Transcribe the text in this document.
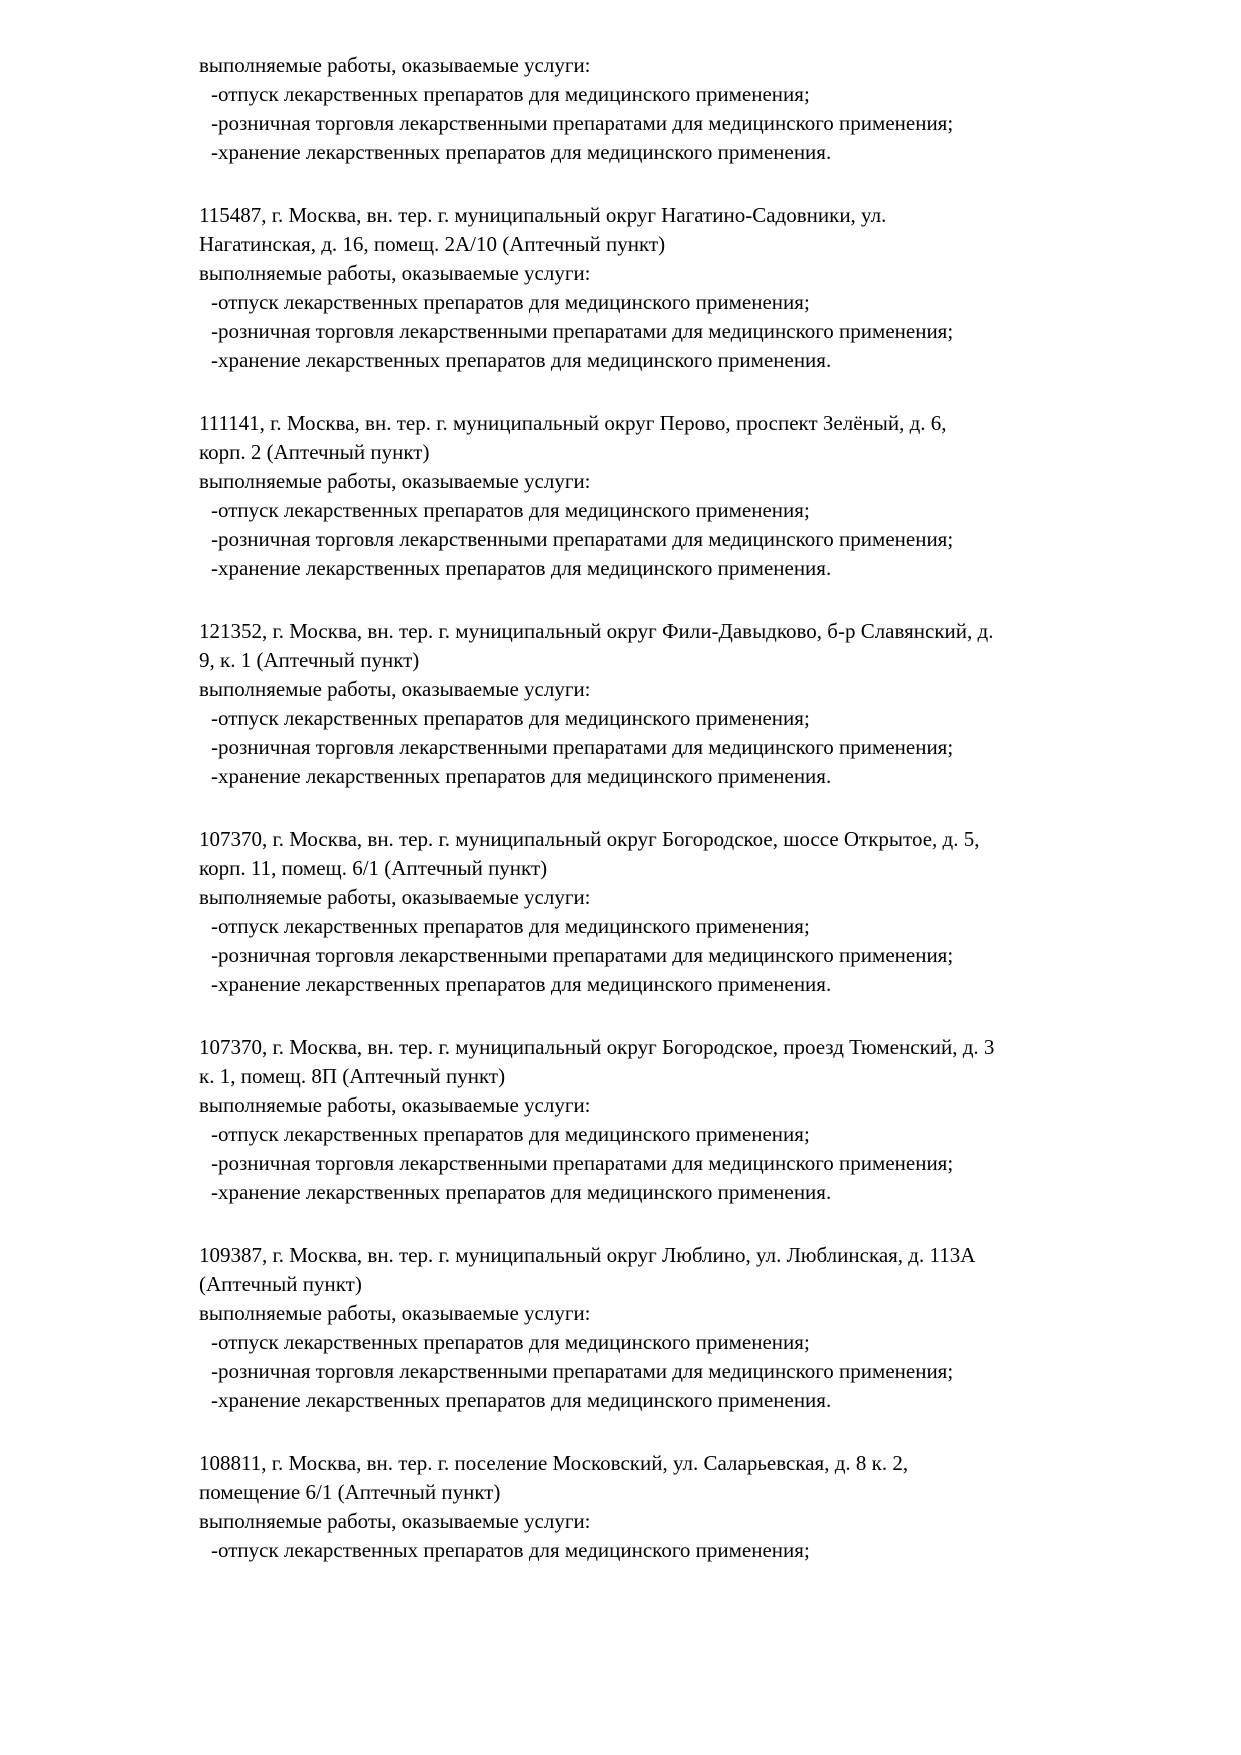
выполняемые работы, оказываемые услуги:
-отпуск лекарственных препаратов для медицинского применения;
-розничная торговля лекарственными препаратами для медицинского применения;
-хранение лекарственных препаратов для медицинского применения.
115487, г. Москва, вн. тер. г. муниципальный округ Нагатино-Садовники, ул.
Нагатинская, д. 16, помещ. 2А/10 (Аптечный пункт)
выполняемые работы, оказываемые услуги:
-отпуск лекарственных препаратов для медицинского применения;
-розничная торговля лекарственными препаратами для медицинского применения;
-хранение лекарственных препаратов для медицинского применения.
111141, г. Москва, вн. тер. г. муниципальный округ Перово, проспект Зелёный, д. 6,
корп. 2 (Аптечный пункт)
выполняемые работы, оказываемые услуги:
-отпуск лекарственных препаратов для медицинского применения;
-розничная торговля лекарственными препаратами для медицинского применения;
-хранение лекарственных препаратов для медицинского применения.
121352, г. Москва, вн. тер. г. муниципальный округ Фили-Давыдково, б-р Славянский, д.
9, к. 1 (Аптечный пункт)
выполняемые работы, оказываемые услуги:
-отпуск лекарственных препаратов для медицинского применения;
-розничная торговля лекарственными препаратами для медицинского применения;
-хранение лекарственных препаратов для медицинского применения.
107370, г. Москва, вн. тер. г. муниципальный округ Богородское, шоссе Открытое, д. 5,
корп. 11, помещ. 6/1 (Аптечный пункт)
выполняемые работы, оказываемые услуги:
-отпуск лекарственных препаратов для медицинского применения;
-розничная торговля лекарственными препаратами для медицинского применения;
-хранение лекарственных препаратов для медицинского применения.
107370, г. Москва, вн. тер. г. муниципальный округ Богородское, проезд Тюменский, д. 3
к. 1, помещ. 8П (Аптечный пункт)
выполняемые работы, оказываемые услуги:
-отпуск лекарственных препаратов для медицинского применения;
-розничная торговля лекарственными препаратами для медицинского применения;
-хранение лекарственных препаратов для медицинского применения.
109387, г. Москва, вн. тер. г. муниципальный округ Люблино, ул. Люблинская, д. 113А
(Аптечный пункт)
выполняемые работы, оказываемые услуги:
-отпуск лекарственных препаратов для медицинского применения;
-розничная торговля лекарственными препаратами для медицинского применения;
-хранение лекарственных препаратов для медицинского применения.
108811, г. Москва, вн. тер. г. поселение Московский, ул. Саларьевская, д. 8 к. 2,
помещение 6/1 (Аптечный пункт)
выполняемые работы, оказываемые услуги:
-отпуск лекарственных препаратов для медицинского применения;
